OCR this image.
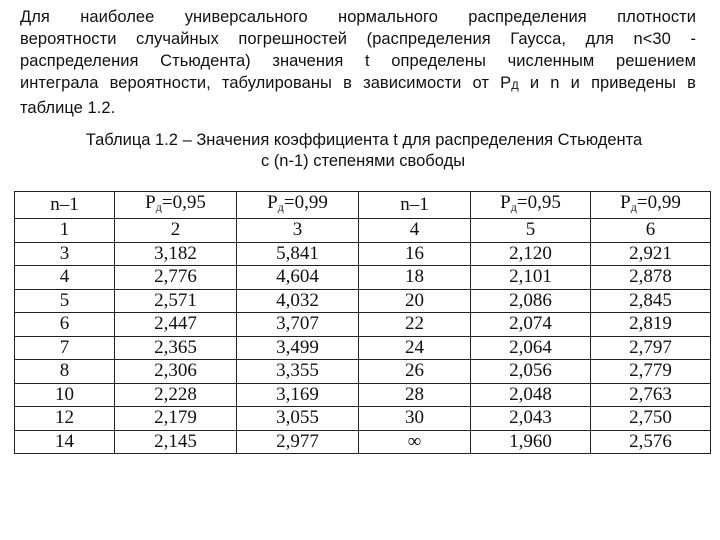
Для наиболее универсального нормального распределения плотности
вероятности случайных погрешностей (распределения Гаусса, для n<30 -
распределения Стьюдента) значения t определены численным решением
интеграла вероятности, табулированы в зависимости от PД и n и приведены в
таблице 1.2.
Таблица 1.2 – Значения коэффициента t для распределения Стьюдента
с (n-1) степенями свободы
n–1	Pд=0,95	Pд=0,99	n–1	Pд=0,95	Pд=0,99
1	2	3	4	5	6
3	3,182	5,841	16	2,120	2,921
4	2,776	4,604	18	2,101	2,878
5	2,571	4,032	20	2,086	2,845
6	2,447	3,707	22	2,074	2,819
7	2,365	3,499	24	2,064	2,797
8	2,306	3,355	26	2,056	2,779
10	2,228	3,169	28	2,048	2,763
12	2,179	3,055	30	2,043	2,750
14	2,145	2,977	∞	1,960	2,576
